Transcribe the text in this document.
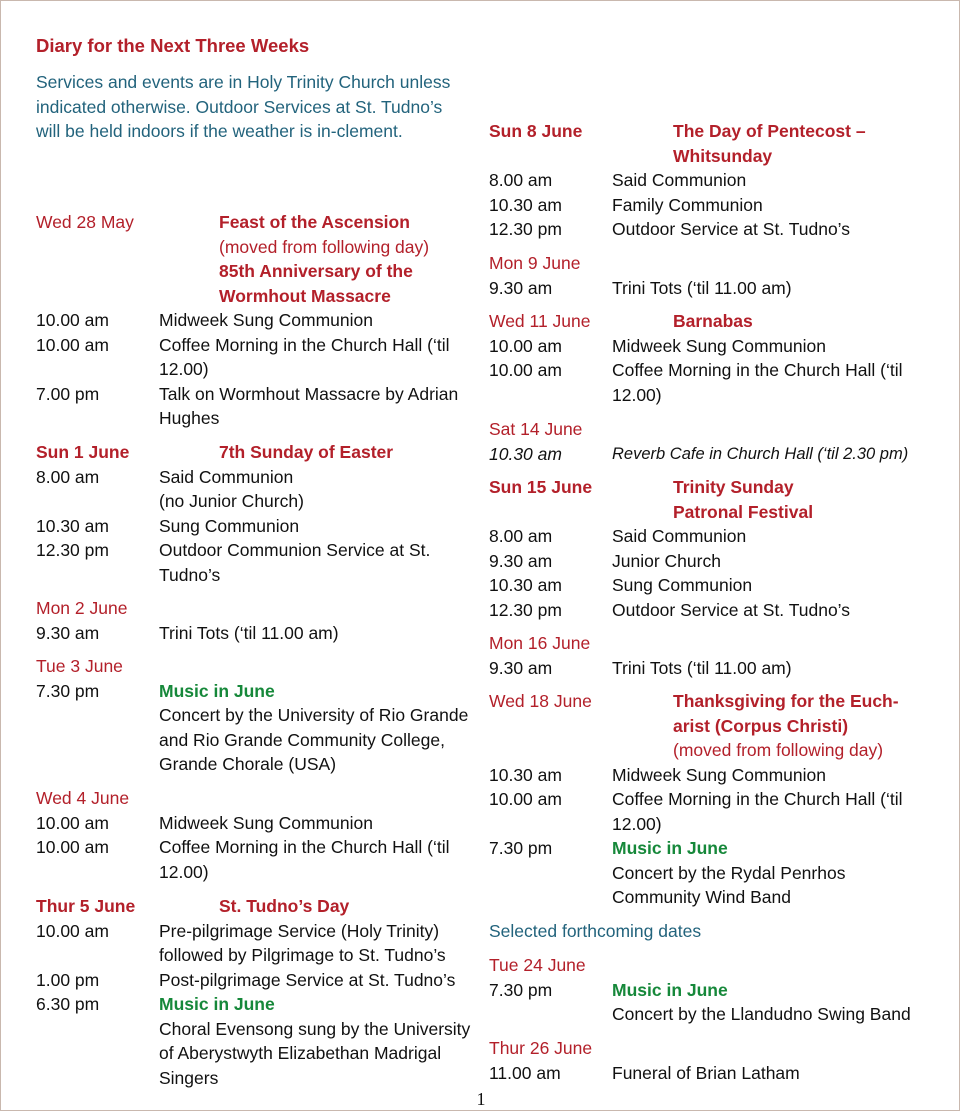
Diary for the Next Three Weeks
Services and events are in Holy Trinity Church unless indicated otherwise. Outdoor Services at St. Tudno’s will be held indoors if the weather is in-clement.
Wed 28 May	Feast of the Ascension
(moved from following day)
85th Anniversary of the Wormhout Massacre
10.00 am	Midweek Sung Communion
10.00 am	Coffee Morning in the Church Hall (‘til 12.00)
7.00 pm	Talk on Wormhout Massacre by Adrian Hughes
Sun 1 June	7th Sunday of Easter
8.00 am	Said Communion
(no Junior Church)
10.30 am	Sung Communion
12.30 pm	Outdoor Communion Service at St. Tudno’s
Mon 2 June
9.30 am	Trini Tots (‘til 11.00 am)
Tue 3 June
7.30 pm	Music in June
Concert by the University of Rio Grande and Rio Grande Community College, Grande Chorale (USA)
Wed 4 June
10.00 am	Midweek Sung Communion
10.00 am	Coffee Morning in the Church Hall (‘til 12.00)
Thur 5 June	St. Tudno’s Day
10.00 am	Pre-pilgrimage Service (Holy Trinity) followed by Pilgrimage to St. Tudno’s
1.00 pm	Post-pilgrimage Service at St. Tudno’s
6.30 pm	Music in June
Choral Evensong sung by the University of Aberystwyth Elizabethan Madrigal Singers
Sun 8 June	The Day of Pentecost – Whitsunday
8.00 am	Said Communion
10.30 am	Family Communion
12.30 pm	Outdoor Service at St. Tudno’s
Mon 9 June
9.30 am	Trini Tots (‘til 11.00 am)
Wed 11 June	Barnabas
10.00 am	Midweek Sung Communion
10.00 am	Coffee Morning in the Church Hall (‘til 12.00)
Sat 14 June
10.30 am	Reverb Cafe in Church Hall (‘til 2.30 pm)
Sun 15 June	Trinity Sunday
Patronal Festival
8.00 am	Said Communion
9.30 am	Junior Church
10.30 am	Sung Communion
12.30 pm	Outdoor Service at St. Tudno’s
Mon 16 June
9.30 am	Trini Tots (‘til 11.00 am)
Wed 18 June	Thanksgiving for the Euch-arist (Corpus Christi)
(moved from following day)
10.30 am	Midweek Sung Communion
10.00 am	Coffee Morning in the Church Hall (‘til 12.00)
7.30 pm	Music in June
Concert by the Rydal Penrhos Community Wind Band
Selected forthcoming dates
Tue 24 June
7.30 pm	Music in June
Concert by the Llandudno Swing Band
Thur 26 June
11.00 am	Funeral of Brian Latham
1
